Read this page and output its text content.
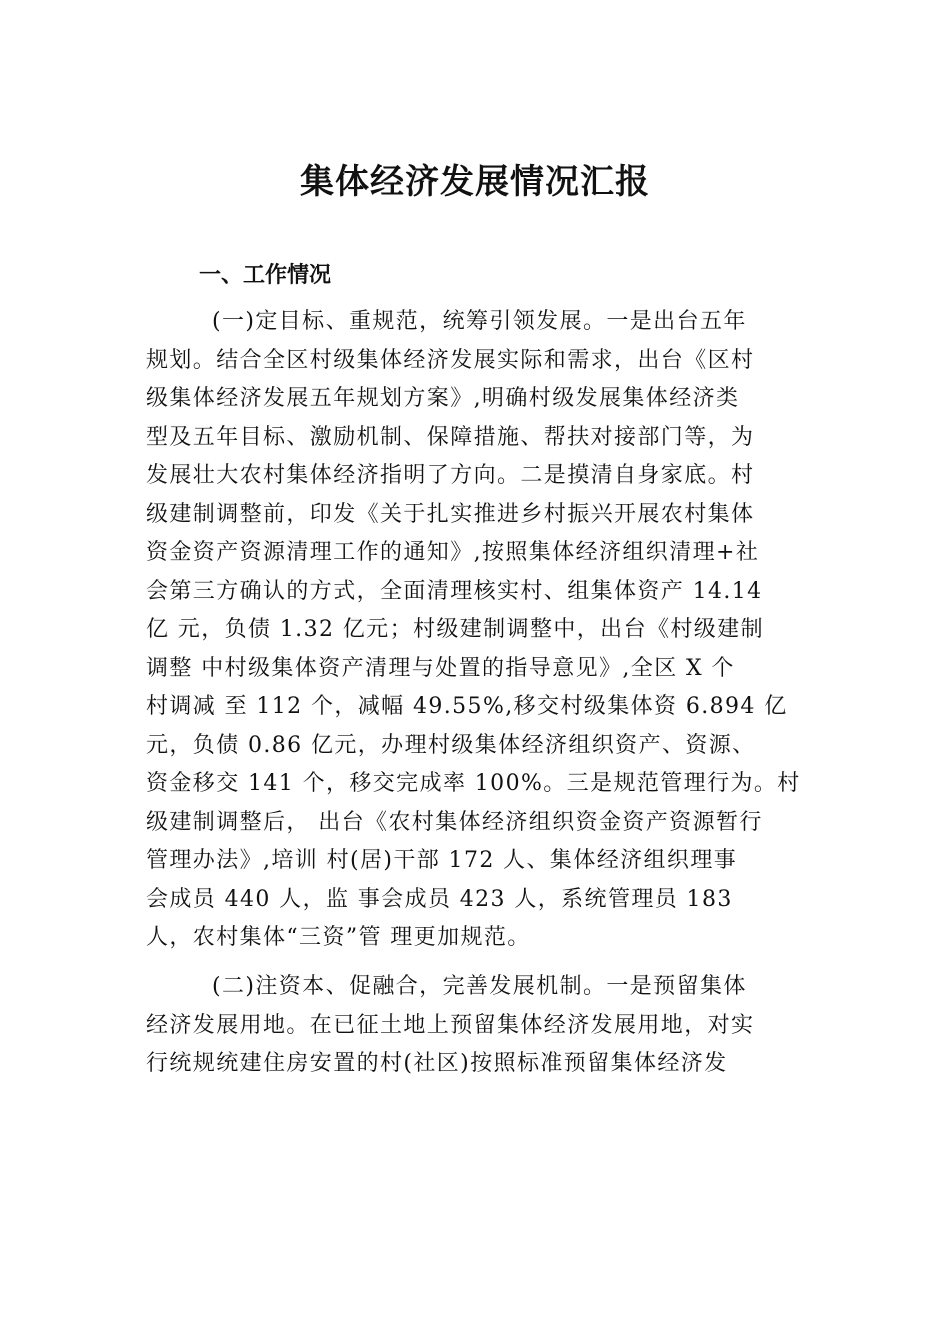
集体经济发展情况汇报
一、工作情况
(一)定目标、重规范，统筹引领发展。一是出台五年
规划。结合全区村级集体经济发展实际和需求，出台《区村
级集体经济发展五年规划方案》,明确村级发展集体经济类
型及五年目标、激励机制、保障措施、帮扶对接部门等，为
发展壮大农村集体经济指明了方向。二是摸清自身家底。村
级建制调整前，印发《关于扎实推进乡村振兴开展农村集体
资金资产资源清理工作的通知》,按照集体经济组织清理+社
会第三方确认的方式，全面清理核实村、组集体资产 14.14
亿 元，负债 1.32 亿元；村级建制调整中，出台《村级建制
调整 中村级集体资产清理与处置的指导意见》,全区 X 个
村调减 至 112 个，减幅 49.55%,移交村级集体资 6.894 亿
元，负债 0.86 亿元，办理村级集体经济组织资产、资源、
资金移交 141 个，移交完成率 100%。三是规范管理行为。村
级建制调整后， 出台《农村集体经济组织资金资产资源暂行
管理办法》,培训 村(居)干部 172 人、集体经济组织理事
会成员 440 人，监 事会成员 423 人，系统管理员 183
人，农村集体“三资”管 理更加规范。
(二)注资本、促融合，完善发展机制。一是预留集体
经济发展用地。在已征土地上预留集体经济发展用地，对实
行统规统建住房安置的村(社区)按照标准预留集体经济发
